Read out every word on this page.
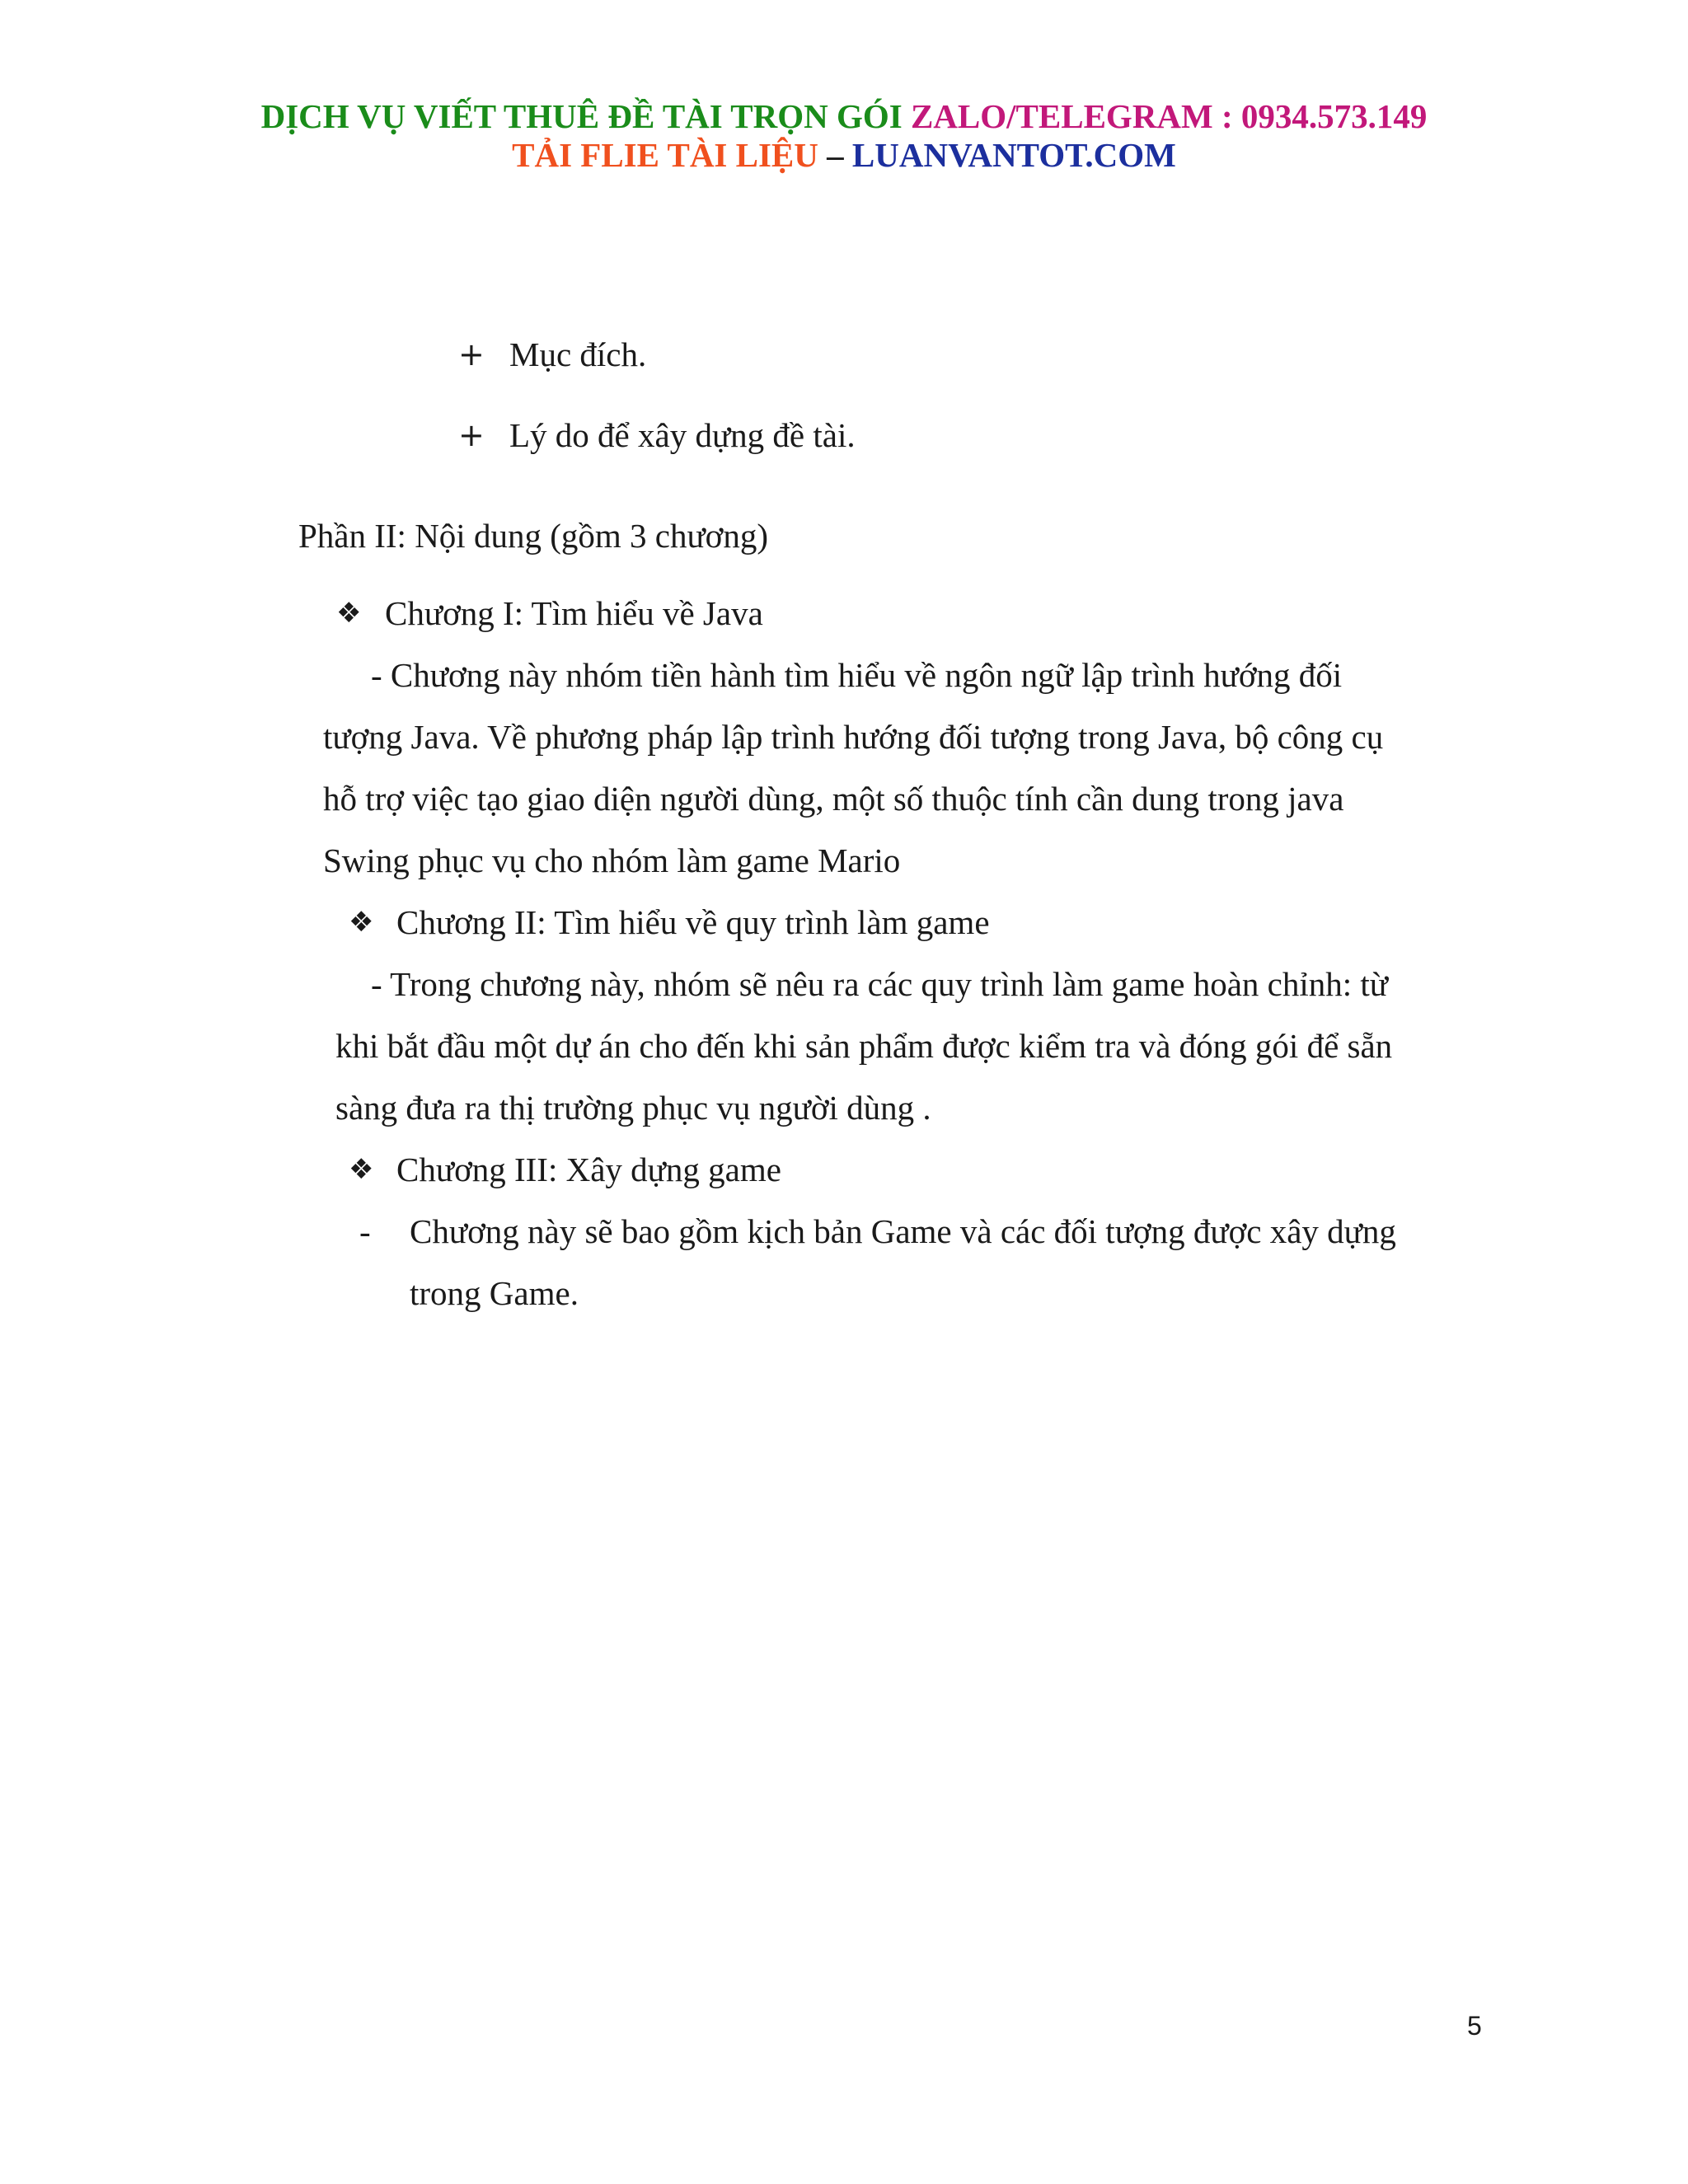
DỊCH VỤ VIẾT THUÊ ĐỀ TÀI TRỌN GÓI ZALO/TELEGRAM : 0934.573.149
TẢI FLIE TÀI LIỆU – LUANVANTOT.COM
+ Mục đích.
+ Lý do để xây dựng đề tài.
Phần II: Nội dung (gồm 3 chương)
❖ Chương I: Tìm hiểu về Java
- Chương này nhóm tiền hành tìm hiểu về ngôn ngữ lập trình hướng đối
tượng Java. Về phương pháp lập trình hướng đối tượng trong Java, bộ công cụ
hỗ trợ việc tạo giao diện người dùng, một số thuộc tính cần dung trong java
Swing phục vụ cho nhóm làm game Mario
❖ Chương II: Tìm hiểu về quy trình làm game
- Trong chương này, nhóm sẽ nêu ra các quy trình làm game hoàn chỉnh: từ
khi bắt đầu một dự án cho đến khi sản phẩm được kiểm tra và đóng gói để sẵn
sàng đưa ra thị trường phục vụ người dùng .
❖ Chương III: Xây dựng game
- Chương này sẽ bao gồm kịch bản Game và các đối tượng được xây dựng
trong Game.
5
